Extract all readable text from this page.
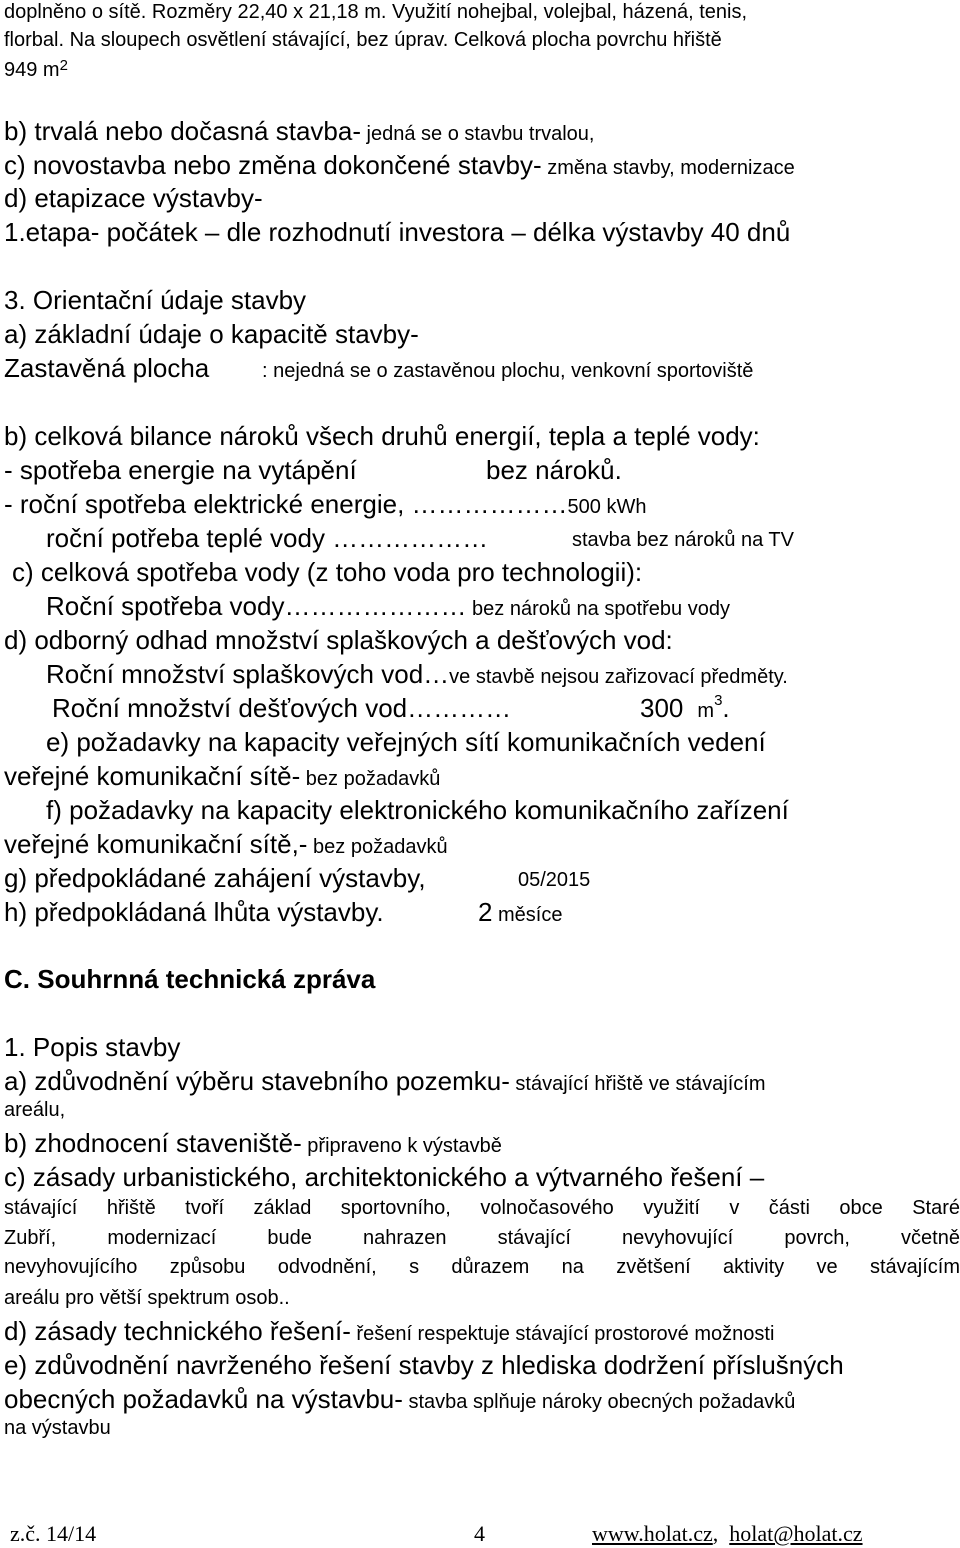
doplněno o sítě. Rozměry 22,40 x 21,18 m. Využití nohejbal, volejbal, házená, tenis,
florbal. Na sloupech osvětlení stávající, bez úprav. Celková plocha povrchu hřiště
949 $m^2$
b) trvalá nebo dočasná stavba- jedná se o stavbu trvalou,
c) novostavba nebo změna dokončené stavby- změna stavby, modernizace
d) etapizace výstavby-
1.etapa- počátek – dle rozhodnutí investora – délka výstavby 40 dnů
3. Orientační údaje stavby
a) základní údaje o kapacitě stavby-
Zastavěná plocha	: nejedná se o zastavěnou plochu, venkovní sportoviště
b) celková bilance nároků všech druhů energií, tepla a teplé vody:
- spotřeba energie na vytápění	bez nároků.
- roční spotřeba elektrické energie, ………………500 kWh
roční potřeba teplé vody ………………	stavba bez nároků na TV
c) celková spotřeba vody (z toho voda pro technologii):
Roční spotřeba vody………………… bez nároků na spotřebu vody
d) odborný odhad množství splaškových a dešťových vod:
Roční množství splaškových vod…ve stavbě nejsou zařizovací předměty.
Roční množství dešťových vod…………	300 $m^3$.
e) požadavky na kapacity veřejných sítí komunikačních vedení
veřejné komunikační sítě- bez požadavků
f) požadavky na kapacity elektronického komunikačního zařízení
veřejné komunikační sítě,- bez požadavků
g) předpokládané zahájení výstavby,	05/2015
h) předpokládaná lhůta výstavby.	2 měsíce
C. Souhrnná technická zpráva
1. Popis stavby
a) zdůvodnění výběru stavebního pozemku- stávající hřiště ve stávajícím
areálu,
b) zhodnocení staveniště- připraveno k výstavbě
c) zásady urbanistického, architektonického a výtvarného řešení –
stávající hřiště tvoří základ sportovního, volnočasového využití v části obce Staré
Zubří, modernizací bude nahrazen stávající nevyhovující povrch, včetně
nevyhovujícího způsobu odvodnění, s důrazem na zvětšení aktivity ve stávajícím
areálu pro větší spektrum osob..
d) zásady technického řešení- řešení respektuje stávající prostorové možnosti
e) zdůvodnění navrženého řešení stavby z hlediska dodržení příslušných
obecných požadavků na výstavbu- stavba splňuje nároky obecných požadavků
na výstavbu
z.č. 14/14	4	www.holat.cz, holat@holat.cz
